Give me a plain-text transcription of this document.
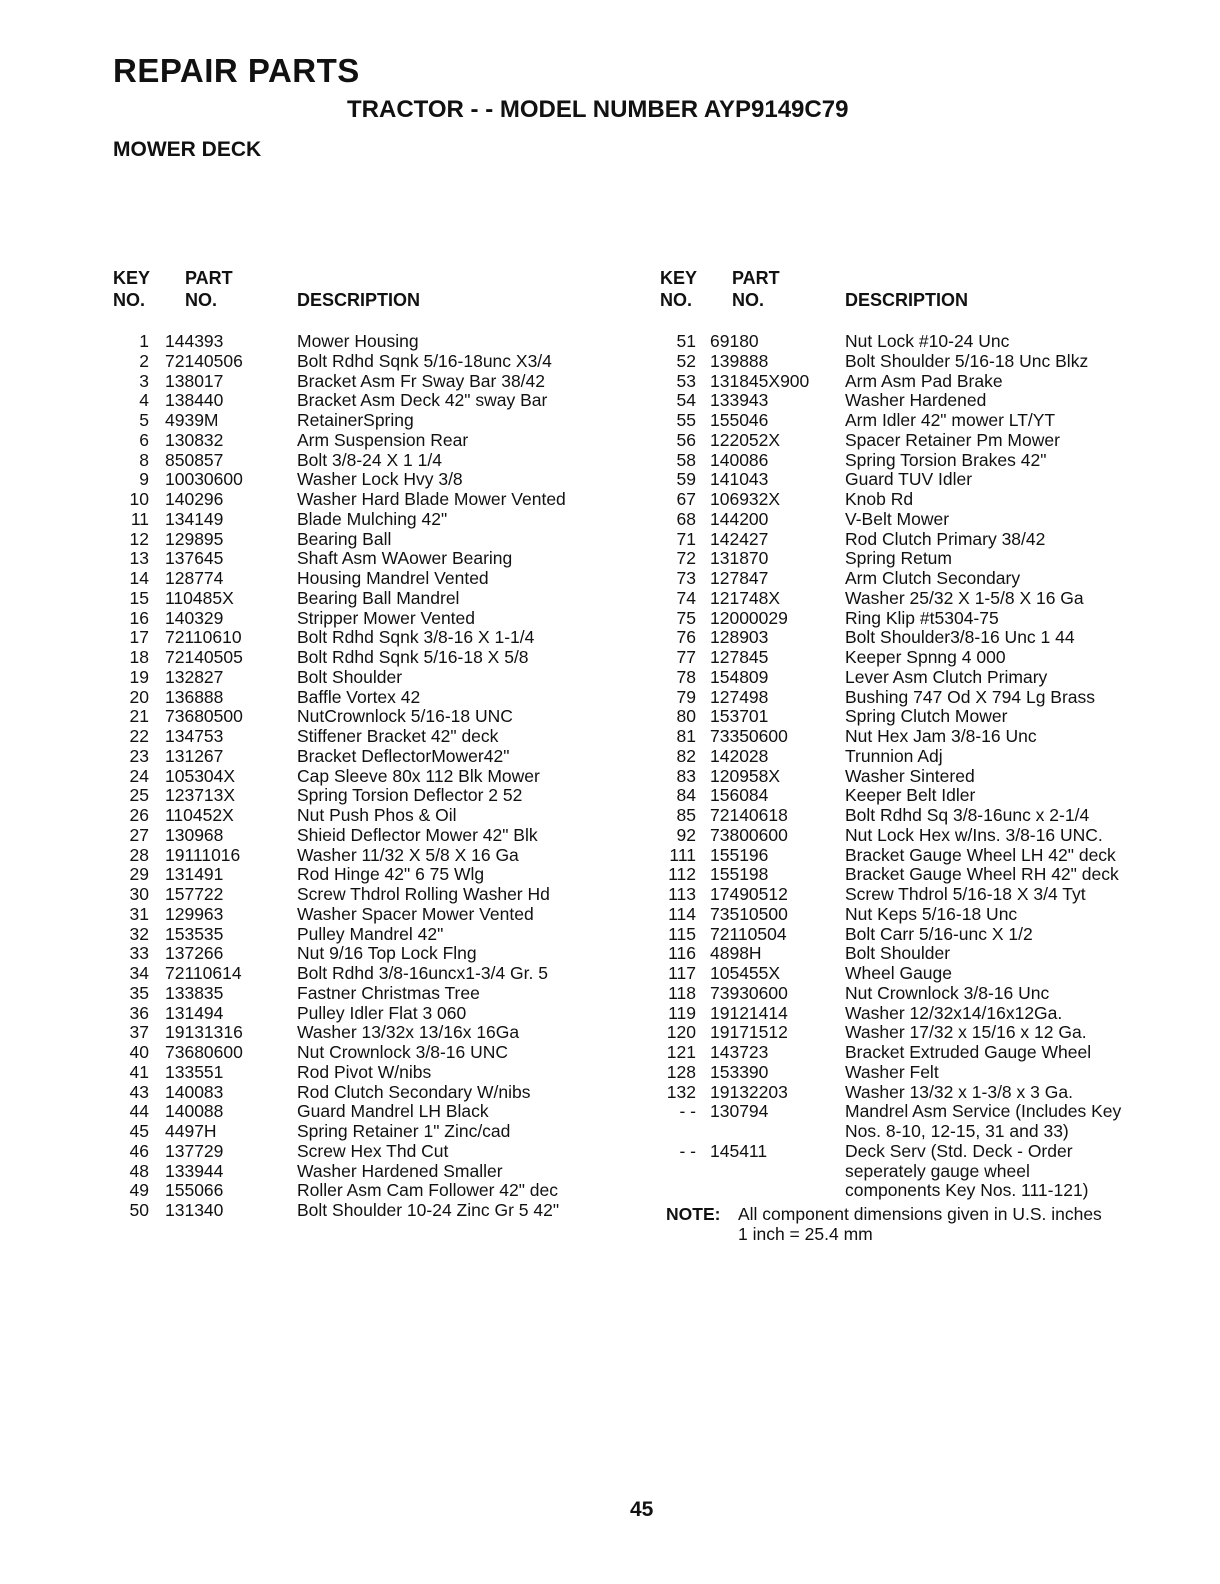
REPAIR PARTS
TRACTOR - - MODEL NUMBER AYP9149C79
MOWER DECK
KEY
NO.
PART
NO.	DESCRIPTION
1 144393	Mower Housing
2 72140506	Bolt Rdhd Sqnk 5/16-18unc X3/4
3 138017	Bracket Asm Fr Sway Bar 38/42
4 138440	Bracket Asm Deck 42" sway Bar
5 4939M	RetainerSpring
6 130832	Arm Suspension Rear
8 850857	Bolt 3/8-24 X 1 1/4
9 10030600	Washer Lock Hvy 3/8
10 140296	Washer Hard Blade Mower Vented
11 134149	Blade Mulching 42"
12 129895	Bearing Ball
13 137645	Shaft Asm WAower Bearing
14 128774	Housing Mandrel Vented
15 110485X	Bearing Ball Mandrel
16 140329	Stripper Mower Vented
17 72110610	Bolt Rdhd Sqnk 3/8-16 X 1-1/4
18 72140505	Bolt Rdhd Sqnk 5/16-18 X 5/8
19 132827	Bolt Shoulder
20 136888	Baffle Vortex 42
21 73680500	NutCrownlock 5/16-18 UNC
22 134753	Stiffener Bracket 42" deck
23 131267	Bracket DeflectorMower42"
24 105304X	Cap Sleeve 80x 112 Blk Mower
25 123713X	Spring Torsion Deflector 2 52
26 110452X	Nut Push Phos & Oil
27 130968	Shieid Deflector Mower 42" Blk
28 19111016	Washer 11/32 X 5/8 X 16 Ga
29 131491	Rod Hinge 42" 6 75 Wlg
30 157722	Screw Thdrol Rolling Washer Hd
31 129963	Washer Spacer Mower Vented
32 153535	Pulley Mandrel 42"
33 137266	Nut 9/16 Top Lock Flng
34 72110614	Bolt Rdhd 3/8-16uncx1-3/4 Gr. 5
35 133835	Fastner Christmas Tree
36 131494	Pulley Idler Flat 3 060
37 19131316	Washer 13/32x 13/16x 16Ga
40 73680600	Nut Crownlock 3/8-16 UNC
41 133551	Rod Pivot W/nibs
43 140083	Rod Clutch Secondary W/nibs
44 140088	Guard Mandrel LH Black
45 4497H	Spring Retainer 1" Zinc/cad
46 137729	Screw Hex Thd Cut
48 133944	Washer Hardened Smaller
49 155066	Roller Asm Cam Follower 42" dec
50 131340	Bolt Shoulder 10-24 Zinc Gr 5 42"
KEY
NO.
PART
NO.	DESCRIPTION
51 69180	Nut Lock #10-24 Unc
52 139888	Bolt Shoulder 5/16-18 Unc Blkz
53 131845X900 Arm Asm Pad Brake
54 133943	Washer Hardened
55 155046	Arm Idler 42" mower LT/YT
56 122052X	Spacer Retainer Pm Mower
58 140086	Spring Torsion Brakes 42"
59 141043	Guard TUV Idler
67 106932X	Knob Rd
68 144200	V-Belt Mower
71 142427	Rod Clutch Primary 38/42
72 131870	Spring Retum
73 127847	Arm Clutch Secondary
74 121748X	Washer 25/32 X 1-5/8 X 16 Ga
75 12000029	Ring Klip #t5304-75
76 128903	Bolt Shoulder3/8-16 Unc 1 44
77 127845	Keeper Spnng 4 000
78 154809	Lever Asm Clutch Primary
79 127498	Bushing 747 Od X 794 Lg Brass
80 153701	Spring Clutch Mower
81 73350600	Nut Hex Jam 3/8-16 Unc
82 142028	Trunnion Adj
83 120958X	Washer Sintered
84 156084	Keeper Belt Idler
85 72140618	Bolt Rdhd Sq 3/8-16unc x 2-1/4
92 73800600	Nut Lock Hex w/Ins. 3/8-16 UNC.
111 155196	Bracket Gauge Wheel LH 42" deck
112 155198	Bracket Gauge Wheel RH 42" deck
113 17490512	Screw Thdrol 5/16-18 X 3/4 Tyt
114 73510500	Nut Keps 5/16-18 Unc
115 72110504	Bolt Carr 5/16-unc X 1/2
116 4898H	Bolt Shoulder
117 105455X	Wheel Gauge
118 73930600	Nut Crownlock 3/8-16 Unc
119 19121414	Washer 12/32x14/16x12Ga.
120 19171512	Washer 17/32 x 15/16 x 12 Ga.
121 143723	Bracket Extruded Gauge Wheel
128 153390	Washer Felt
132 19132203	Washer 13/32 x 1-3/8 x 3 Ga.
- - 130794	Mandrel Asm Service (Includes Key
Nos. 8-10, 12-15, 31 and 33)
- - 145411	Deck Serv (Std. Deck - Order
seperately gauge wheel
components Key Nos. 111-121)
NOTE: All component dimensions given in U.S. inches
1 inch = 25.4 mm
45
